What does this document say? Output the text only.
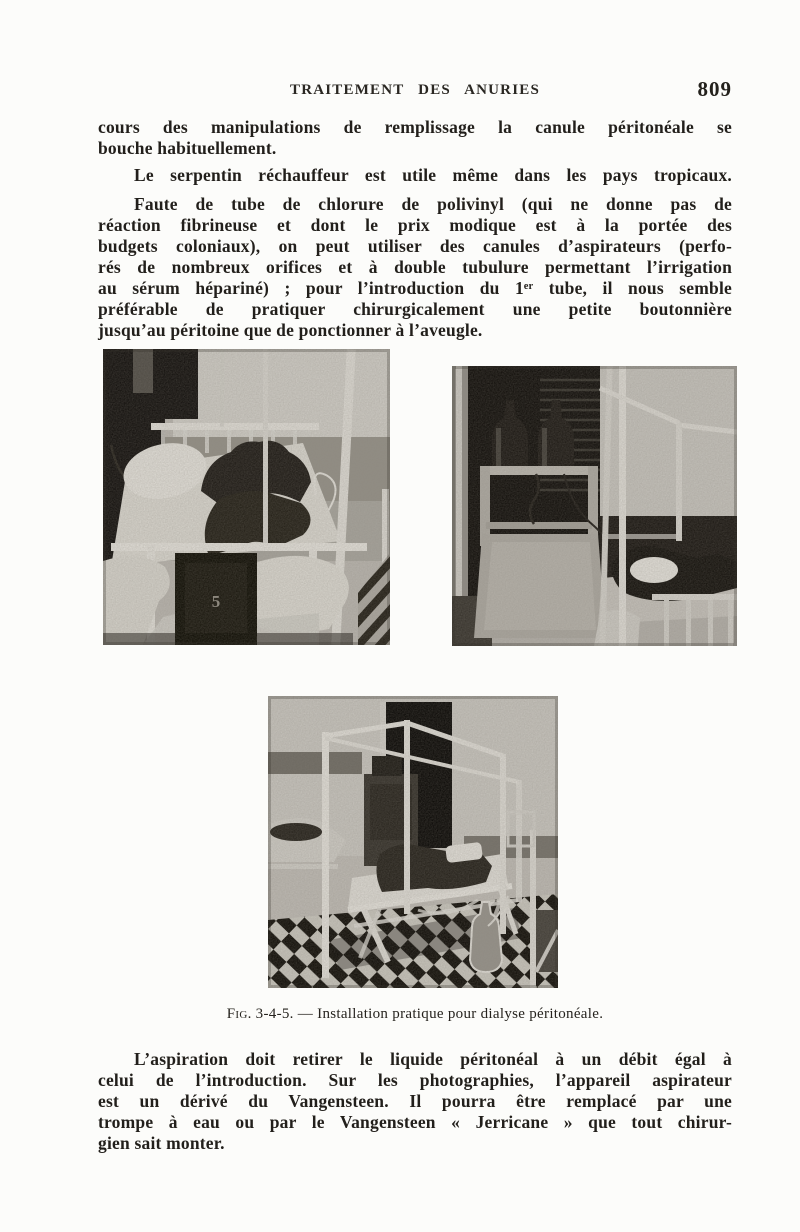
TRAITEMENT DES ANURIES	809
cours des manipulations de remplissage la canule péritonéale se
bouche habituellement.
Le serpentin réchauffeur est utile même dans les pays tropicaux.
Faute de tube de chlorure de polivinyl (qui ne donne pas de
réaction fibrineuse et dont le prix modique est à la portée des
budgets coloniaux), on peut utiliser des canules d’aspirateurs (perfo-
rés de nombreux orifices et à double tubulure permettant l’irrigation
au sérum hépariné) ; pour l’introduction du 1ᵉʳ tube, il nous semble
préférable de pratiquer chirurgicalement une petite boutonnière
jusqu’au péritoine que de ponctionner à l’aveugle.
5
Fig. 3-4-5. — Installation pratique pour dialyse péritonéale.
L’aspiration doit retirer le liquide péritonéal à un débit égal à
celui de l’introduction. Sur les photographies, l’appareil aspirateur
est un dérivé du Vangensteen. Il pourra être remplacé par une
trompe à eau ou par le Vangensteen « Jerricane » que tout chirur-
gien sait monter.
